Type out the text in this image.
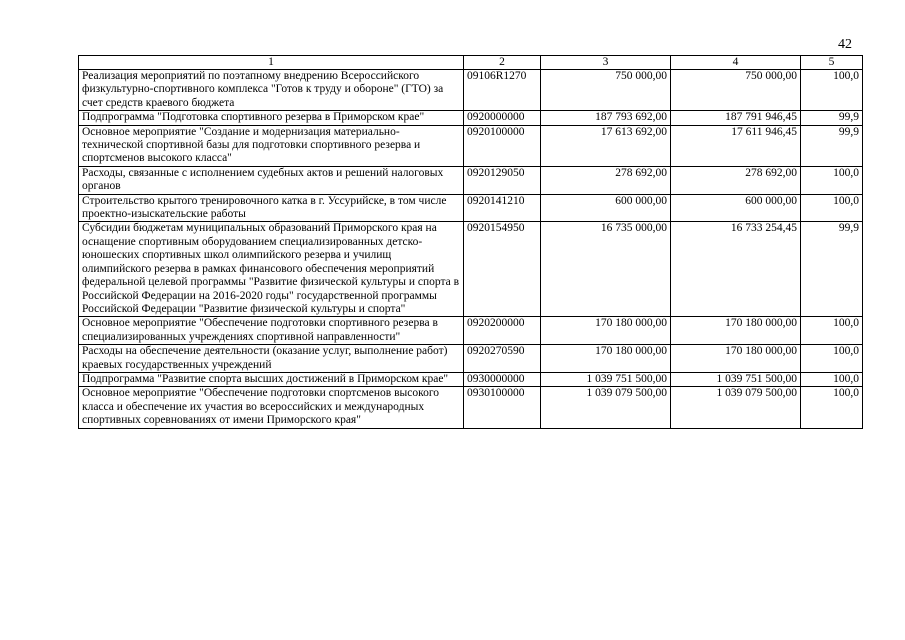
42
1	2	3	4	5
Реализация мероприятий по поэтапному внедрению Всероссийского физкультурно-спортивного комплекса "Готов к труду и обороне" (ГТО) за счет средств краевого бюджета	09106R1270	750 000,00	750 000,00	100,0
Подпрограмма "Подготовка спортивного резерва в Приморском крае"	0920000000	187 793 692,00	187 791 946,45	99,9
Основное мероприятие "Создание и модернизация материально-технической спортивной базы для подготовки спортивного резерва и спортсменов высокого класса"	0920100000	17 613 692,00	17 611 946,45	99,9
Расходы, связанные с исполнением судебных актов и решений налоговых органов	0920129050	278 692,00	278 692,00	100,0
Строительство крытого тренировочного катка в г. Уссурийске, в том числе проектно-изыскательские работы	0920141210	600 000,00	600 000,00	100,0
Субсидии бюджетам муниципальных образований Приморского края на оснащение спортивным оборудованием специализированных детско-юношеских спортивных школ олимпийского резерва и училищ олимпийского резерва в рамках финансового обеспечения мероприятий федеральной целевой программы "Развитие физической культуры и спорта в Российской Федерации на 2016-2020 годы" государственной программы Российской Федерации "Развитие физической культуры и спорта"	0920154950	16 735 000,00	16 733 254,45	99,9
Основное мероприятие "Обеспечение подготовки спортивного резерва в специализированных учреждениях спортивной направленности"	0920200000	170 180 000,00	170 180 000,00	100,0
Расходы на обеспечение деятельности (оказание услуг, выполнение работ) краевых государственных учреждений	0920270590	170 180 000,00	170 180 000,00	100,0
Подпрограмма "Развитие спорта высших достижений в Приморском крае"	0930000000	1 039 751 500,00	1 039 751 500,00	100,0
Основное мероприятие "Обеспечение подготовки спортсменов высокого класса и обеспечение их участия во всероссийских и международных спортивных соревнованиях от имени Приморского края"	0930100000	1 039 079 500,00	1 039 079 500,00	100,0
